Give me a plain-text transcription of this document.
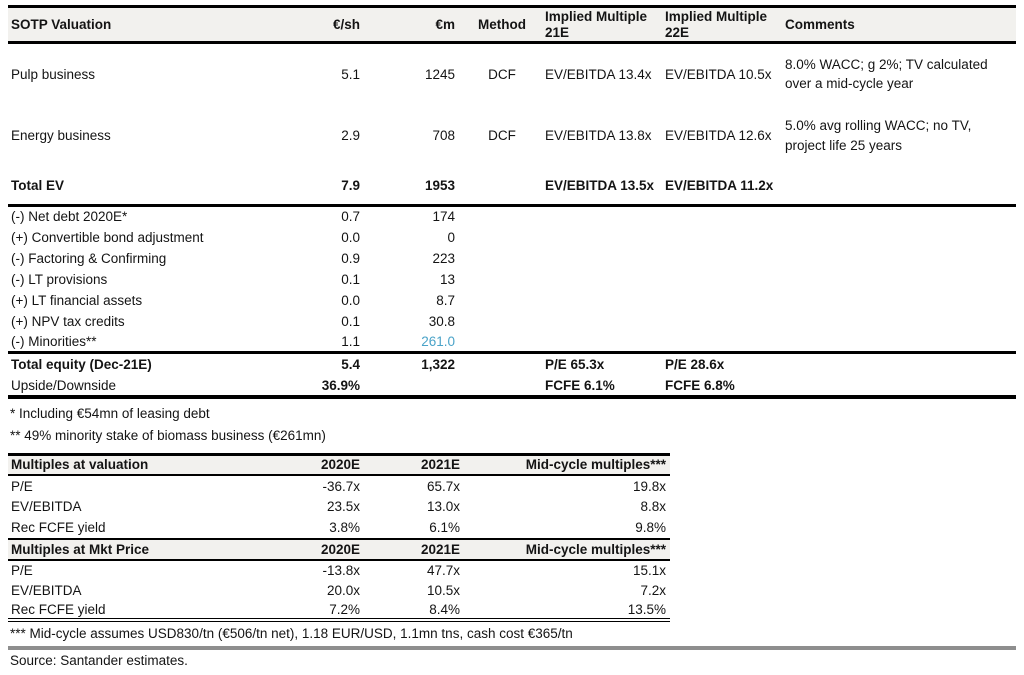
SOTP Valuation	€/sh	€m	Method	Implied Multiple 21E	Implied Multiple 22E	Comments
Pulp business	5.1	1245	DCF	EV/EBITDA 13.4x	EV/EBITDA 10.5x	8.0% WACC; g 2%; TV calculated over a mid-cycle year
Energy business	2.9	708	DCF	EV/EBITDA 13.8x	EV/EBITDA 12.6x	5.0% avg rolling WACC; no TV, project life 25 years
Total EV	7.9	1953		EV/EBITDA 13.5x	EV/EBITDA 11.2x	
(-) Net debt 2020E*	0.7	174				
(+) Convertible bond adjustment	0.0	0				
(-) Factoring & Confirming	0.9	223				
(-) LT provisions	0.1	13				
(+) LT financial assets	0.0	8.7				
(+) NPV tax credits	0.1	30.8				
(-) Minorities**	1.1	261.0				
Total equity (Dec-21E)	5.4	1,322		P/E 65.3x	P/E 28.6x	
Upside/Downside	36.9%			FCFE 6.1%	FCFE 6.8%	
* Including €54mn of leasing debt
** 49% minority stake of biomass business (€261mn)
Multiples at valuation	2020E	2021E	Mid-cycle multiples***
P/E	-36.7x	65.7x	19.8x
EV/EBITDA	23.5x	13.0x	8.8x
Rec FCFE yield	3.8%	6.1%	9.8%
Multiples at Mkt Price	2020E	2021E	Mid-cycle multiples***
P/E	-13.8x	47.7x	15.1x
EV/EBITDA	20.0x	10.5x	7.2x
Rec FCFE yield	7.2%	8.4%	13.5%
*** Mid-cycle assumes USD830/tn (€506/tn net), 1.18 EUR/USD, 1.1mn tns, cash cost €365/tn
Source: Santander estimates.
